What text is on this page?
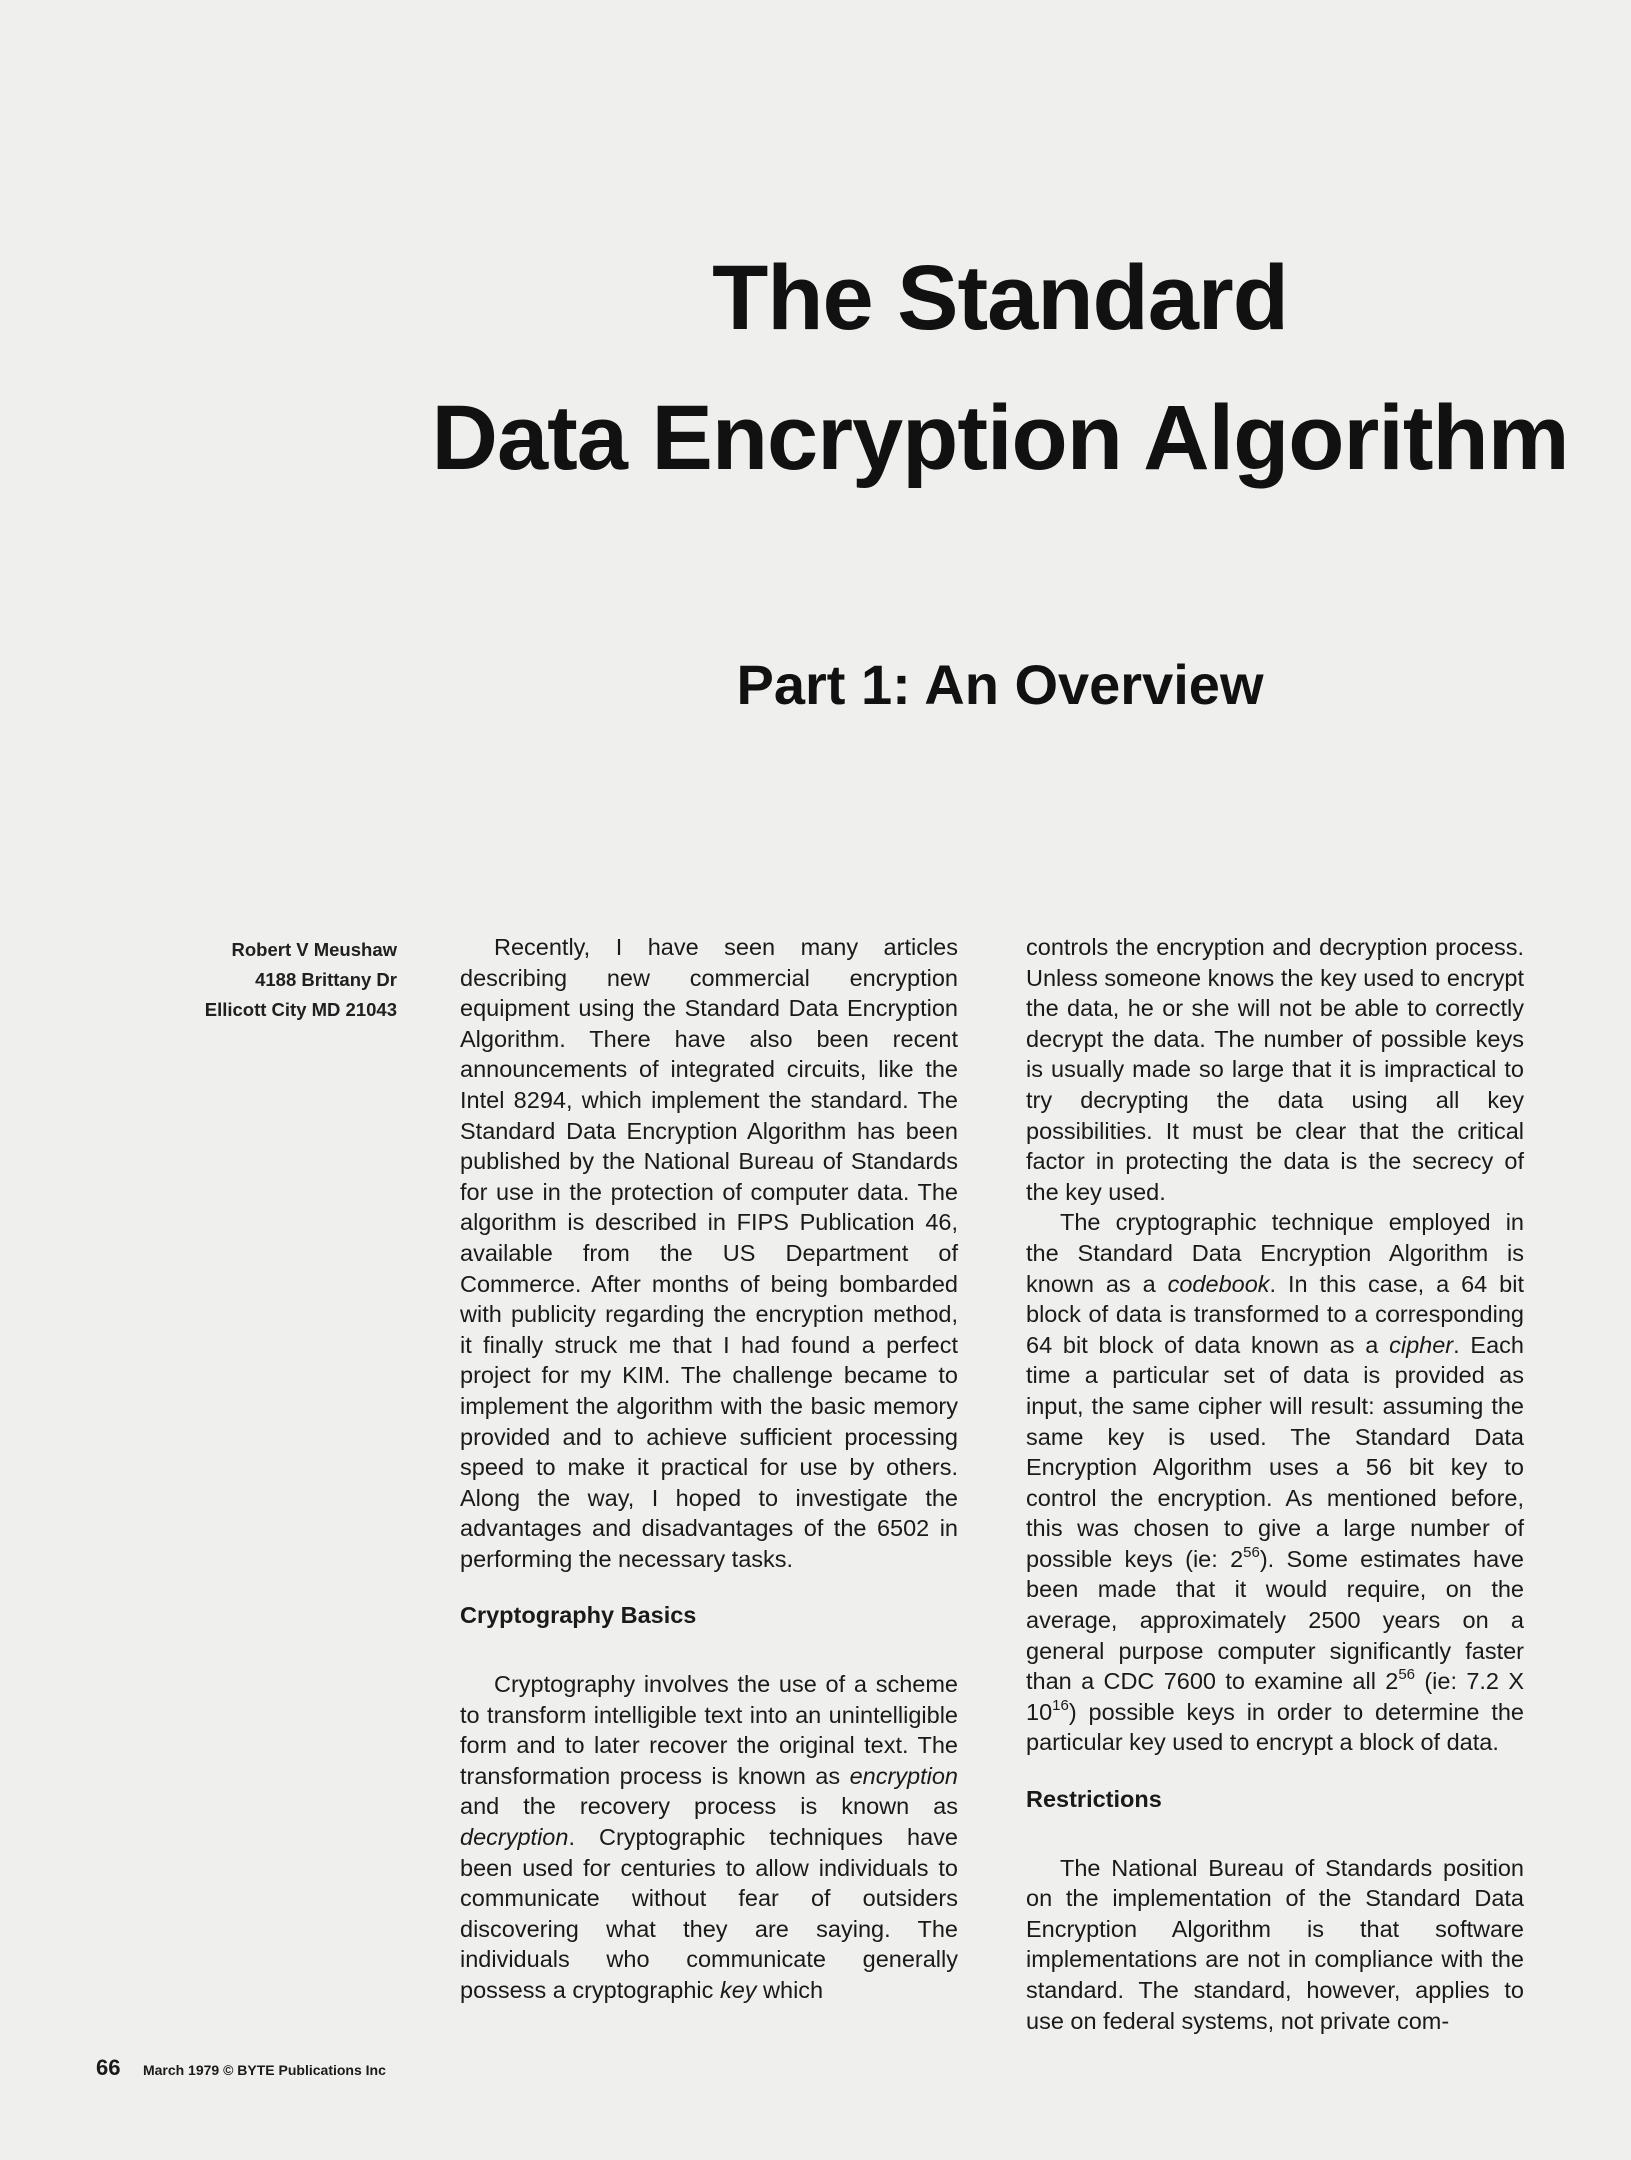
The Standard
Data Encryption Algorithm
Part 1: An Overview
Robert V Meushaw
4188 Brittany Dr
Ellicott City MD 21043

Recently, I have seen many articles describing new commercial encryption equipment using the Standard Data Encryption Algorithm. There have also been recent announcements of integrated circuits, like the Intel 8294, which implement the standard. The Standard Data Encryption Algorithm has been published by the National Bureau of Standards for use in the protection of computer data. The algorithm is described in FIPS Publication 46, available from the US Department of Commerce. After months of being bombarded with publicity regarding the encryption method, it finally struck me that I had found a perfect project for my KIM. The challenge became to implement the algorithm with the basic memory provided and to achieve sufficient processing speed to make it practical for use by others. Along the way, I hoped to investigate the advantages and disadvantages of the 6502 in performing the necessary tasks.

Cryptography Basics

Cryptography involves the use of a scheme to transform intelligible text into an unintelligible form and to later recover the original text. The transformation process is known as encryption and the recovery process is known as decryption. Cryptographic techniques have been used for centuries to allow individuals to communicate without fear of outsiders discovering what they are saying. The individuals who communicate generally possess a cryptographic key which

controls the encryption and decryption process. Unless someone knows the key used to encrypt the data, he or she will not be able to correctly decrypt the data. The number of possible keys is usually made so large that it is impractical to try decrypting the data using all key possibilities. It must be clear that the critical factor in protecting the data is the secrecy of the key used.

The cryptographic technique employed in the Standard Data Encryption Algorithm is known as a codebook. In this case, a 64 bit block of data is transformed to a corresponding 64 bit block of data known as a cipher. Each time a particular set of data is provided as input, the same cipher will result: assuming the same key is used. The Standard Data Encryption Algorithm uses a 56 bit key to control the encryption. As mentioned before, this was chosen to give a large number of possible keys (ie: $2^{56}$). Some estimates have been made that it would require, on the average, approximately 2500 years on a general purpose computer significantly faster than a CDC 7600 to examine all $2^{56}$ (ie: 7.2 X $10^{16}$) possible keys in order to determine the particular key used to encrypt a block of data.

Restrictions

The National Bureau of Standards position on the implementation of the Standard Data Encryption Algorithm is that software implementations are not in compliance with the standard. The standard, however, applies to use on federal systems, not private com-

66 March 1979 © BYTE Publications Inc
